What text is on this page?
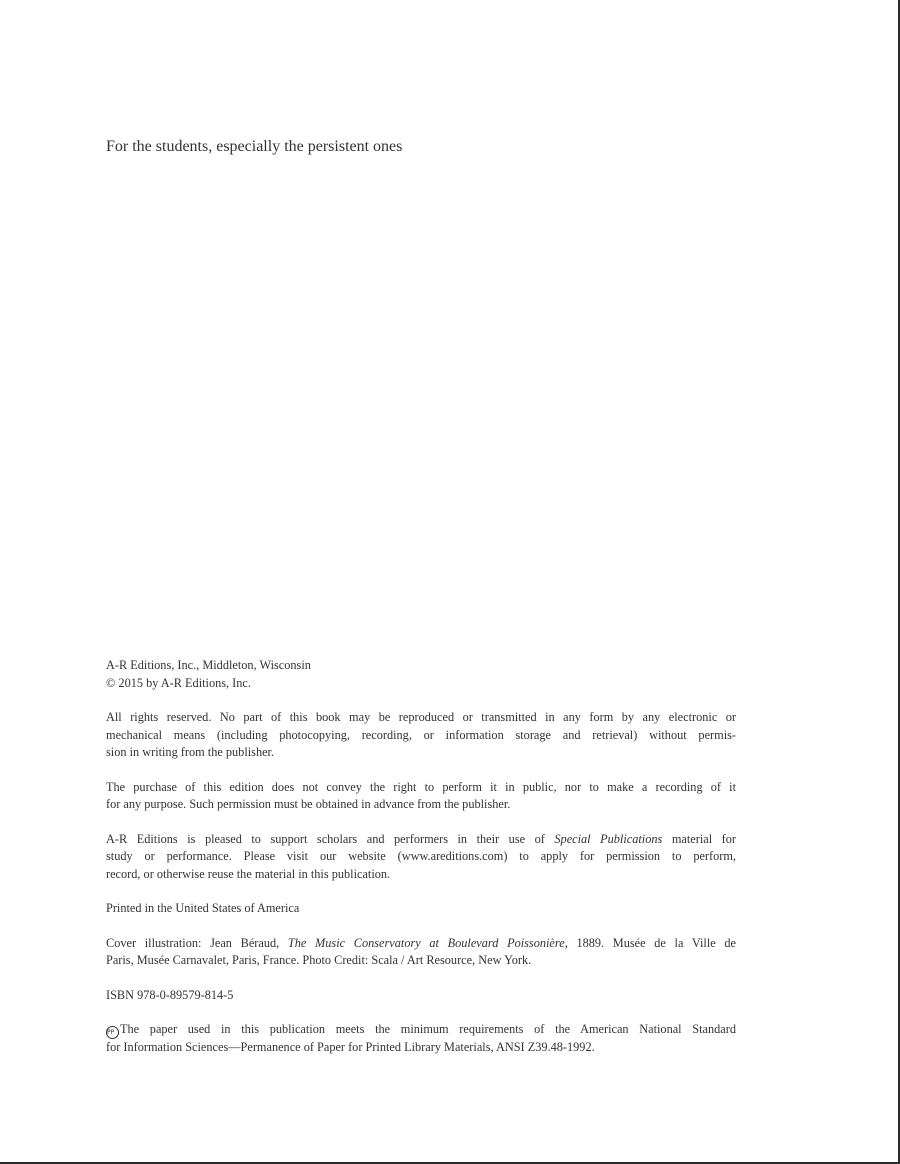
For the students, especially the persistent ones

A-R Editions, Inc., Middleton, Wisconsin
© 2015 by A-R Editions, Inc.

All rights reserved. No part of this book may be reproduced or transmitted in any form by any electronic or
mechanical means (including photocopying, recording, or information storage and retrieval) without permis-
sion in writing from the publisher.

The purchase of this edition does not convey the right to perform it in public, nor to make a recording of it
for any purpose. Such permission must be obtained in advance from the publisher.

A-R Editions is pleased to support scholars and performers in their use of Special Publications material for
study or performance. Please visit our website (www.areditions.com) to apply for permission to perform,
record, or otherwise reuse the material in this publication.

Printed in the United States of America

Cover illustration: Jean Béraud, The Music Conservatory at Boulevard Poissonière, 1889. Musée de la Ville de
Paris, Musée Carnavalet, Paris, France. Photo Credit: Scala / Art Resource, New York.

ISBN 978-0-89579-814-5

PP The paper used in this publication meets the minimum requirements of the American National Standard
for Information Sciences—Permanence of Paper for Printed Library Materials, ANSI Z39.48-1992.
